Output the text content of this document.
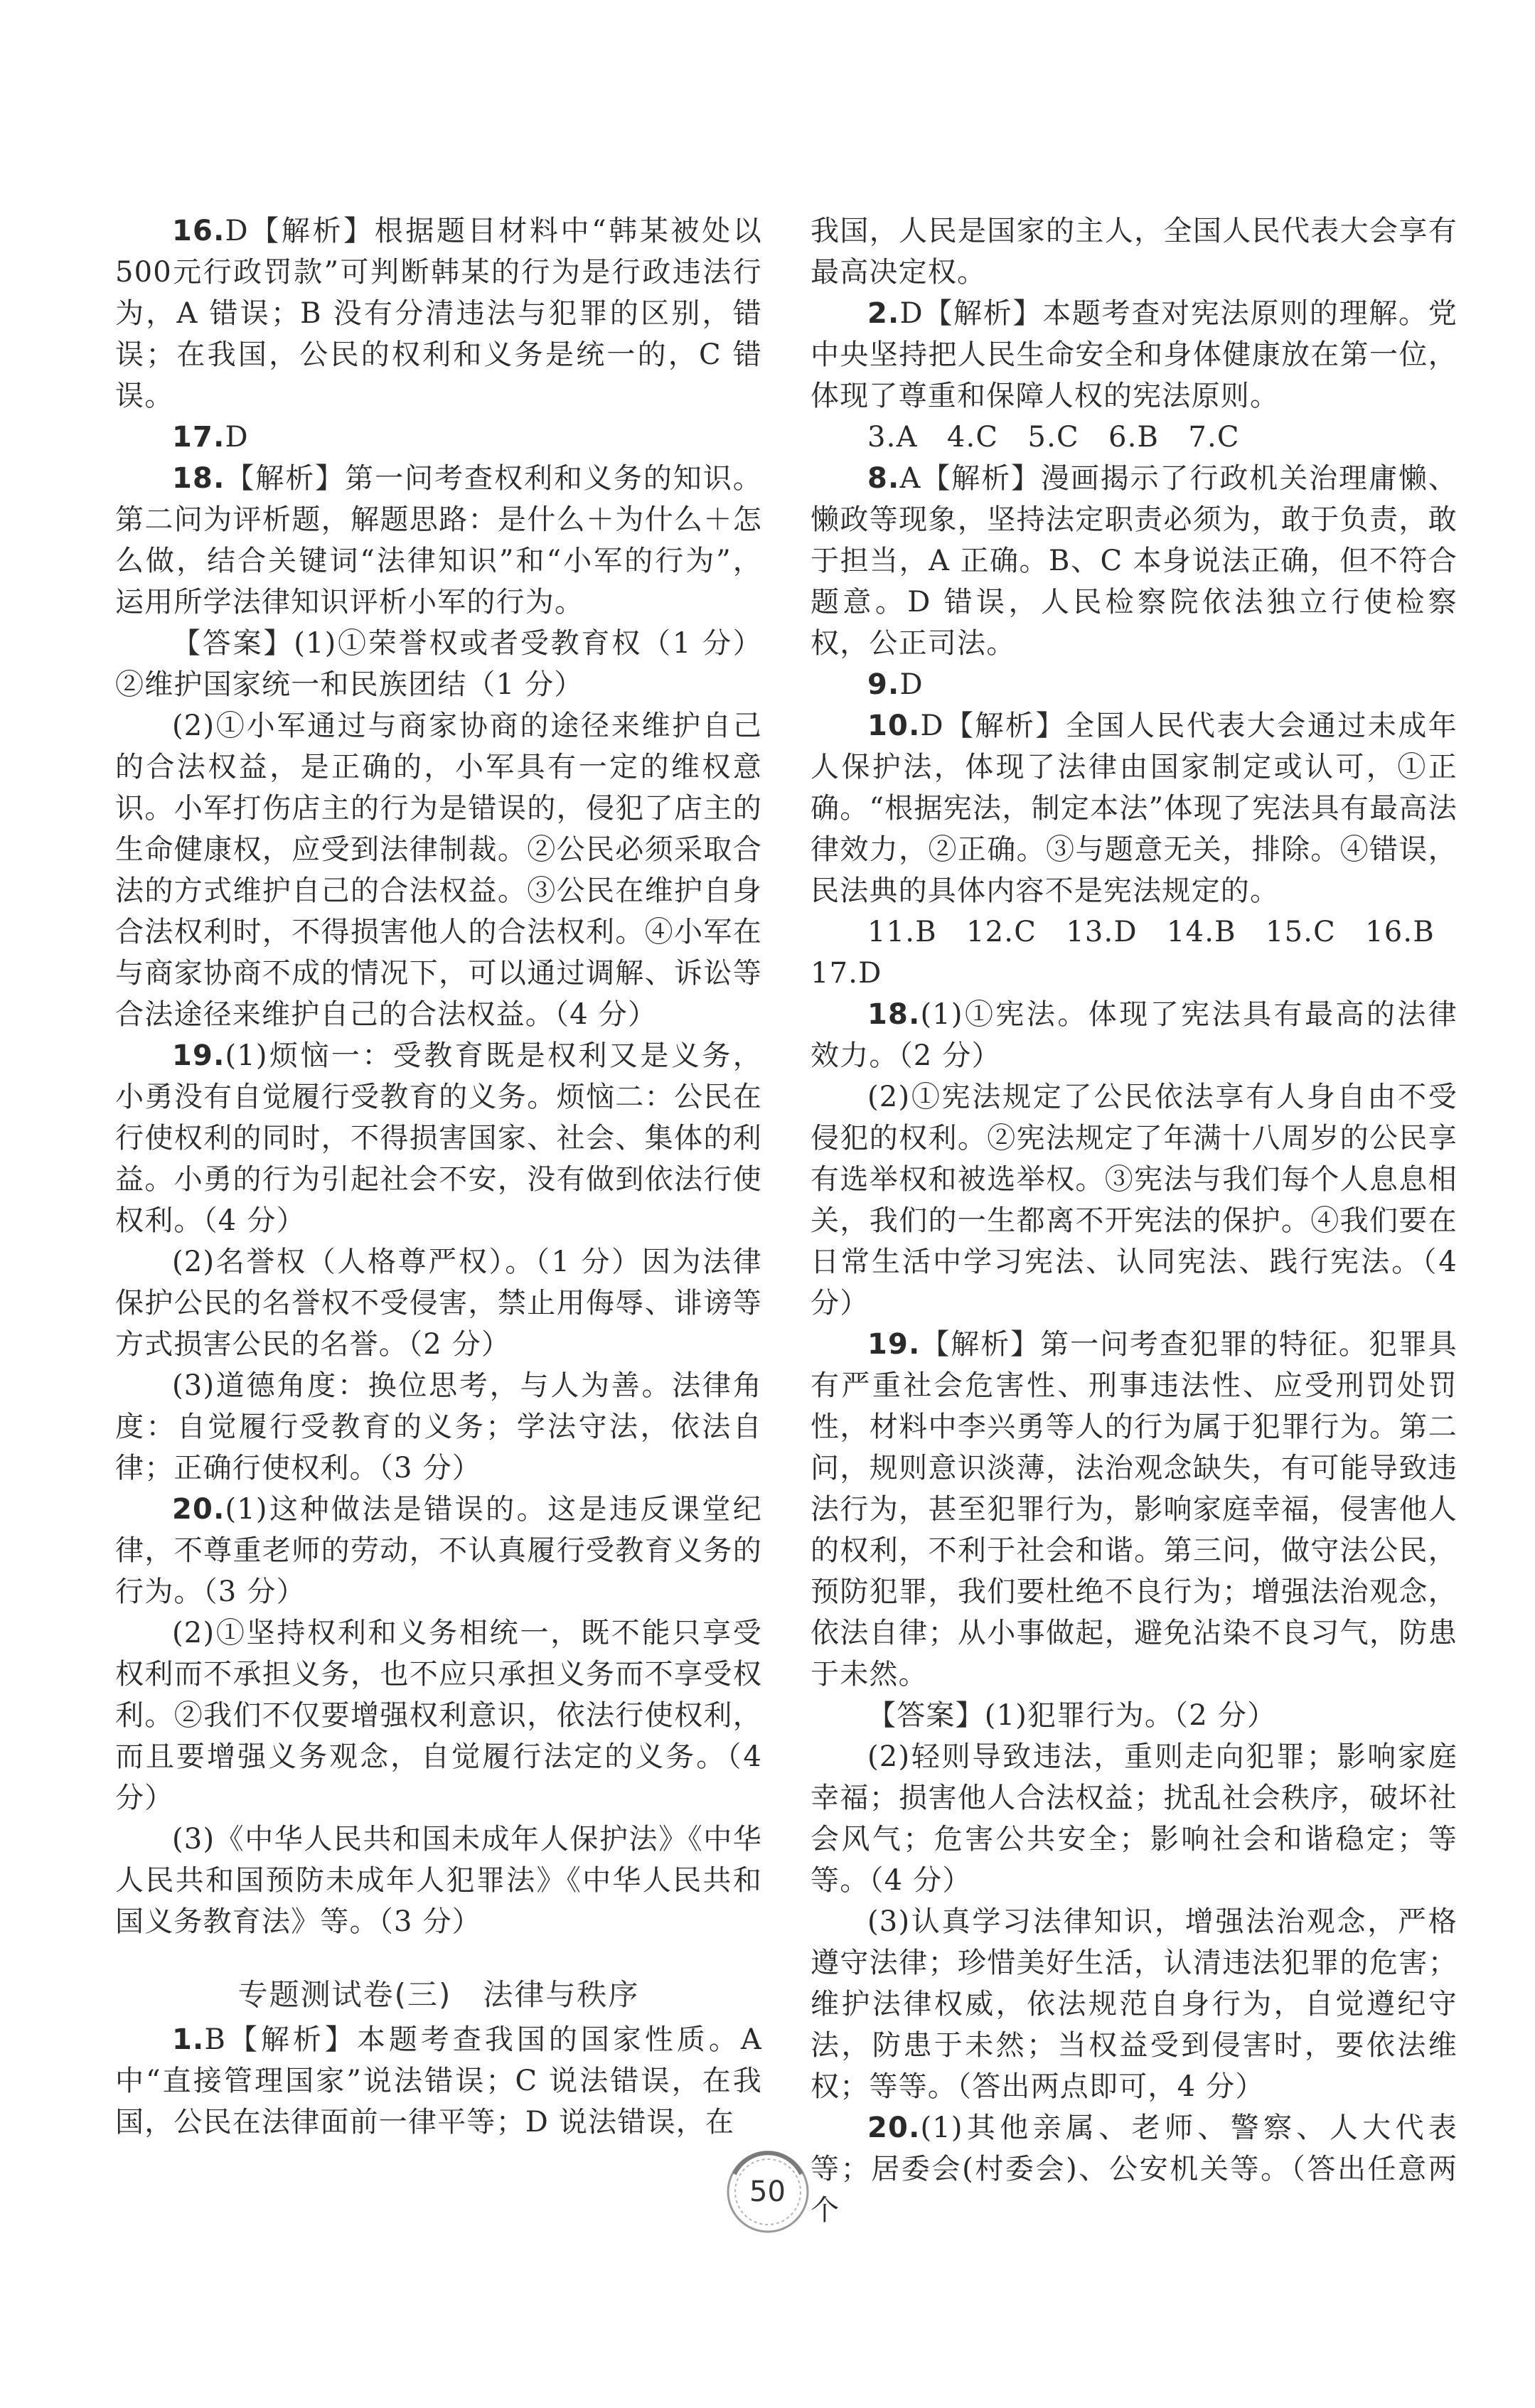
16.D【解析】根据题目材料中“韩某被处以500元行政罚款”可判断韩某的行为是行政违法行为，A 错误；B 没有分清违法与犯罪的区别，错误；在我国，公民的权利和义务是统一的，C 错误。

17.D

18.【解析】第一问考查权利和义务的知识。第二问为评析题，解题思路：是什么＋为什么＋怎么做，结合关键词“法律知识”和“小军的行为”，运用所学法律知识评析小军的行为。

【答案】(1)①荣誉权或者受教育权（1 分）②维护国家统一和民族团结（1 分）

(2)①小军通过与商家协商的途径来维护自己的合法权益，是正确的，小军具有一定的维权意识。小军打伤店主的行为是错误的，侵犯了店主的生命健康权，应受到法律制裁。②公民必须采取合法的方式维护自己的合法权益。③公民在维护自身合法权利时，不得损害他人的合法权利。④小军在与商家协商不成的情况下，可以通过调解、诉讼等合法途径来维护自己的合法权益。（4 分）

19.(1)烦恼一：受教育既是权利又是义务，小勇没有自觉履行受教育的义务。烦恼二：公民在行使权利的同时，不得损害国家、社会、集体的利益。小勇的行为引起社会不安，没有做到依法行使权利。（4 分）

(2)名誉权（人格尊严权）。（1 分）因为法律保护公民的名誉权不受侵害，禁止用侮辱、诽谤等方式损害公民的名誉。（2 分）

(3)道德角度：换位思考，与人为善。法律角度：自觉履行受教育的义务；学法守法，依法自律；正确行使权利。（3 分）

20.(1)这种做法是错误的。这是违反课堂纪律，不尊重老师的劳动，不认真履行受教育义务的行为。（3 分）

(2)①坚持权利和义务相统一，既不能只享受权利而不承担义务，也不应只承担义务而不享受权利。②我们不仅要增强权利意识，依法行使权利，而且要增强义务观念，自觉履行法定的义务。（4 分）

(3)《中华人民共和国未成年人保护法》《中华人民共和国预防未成年人犯罪法》《中华人民共和国义务教育法》等。（3 分）

专题测试卷(三)　法律与秩序

1.B【解析】本题考查我国的国家性质。A 中“直接管理国家”说法错误；C 说法错误，在我国，公民在法律面前一律平等；D 说法错误，在

我国，人民是国家的主人，全国人民代表大会享有最高决定权。

2.D【解析】本题考查对宪法原则的理解。党中央坚持把人民生命安全和身体健康放在第一位，体现了尊重和保障人权的宪法原则。

3.A　4.C　5.C　6.B　7.C

8.A【解析】漫画揭示了行政机关治理庸懒、懒政等现象，坚持法定职责必须为，敢于负责，敢于担当，A 正确。B、C 本身说法正确，但不符合题意。D 错误，人民检察院依法独立行使检察权，公正司法。

9.D

10.D【解析】全国人民代表大会通过未成年人保护法，体现了法律由国家制定或认可，①正确。“根据宪法，制定本法”体现了宪法具有最高法律效力，②正确。③与题意无关，排除。④错误，民法典的具体内容不是宪法规定的。

11.B　12.C　13.D　14.B　15.C　16.B

17.D

18.(1)①宪法。体现了宪法具有最高的法律效力。（2 分）

(2)①宪法规定了公民依法享有人身自由不受侵犯的权利。②宪法规定了年满十八周岁的公民享有选举权和被选举权。③宪法与我们每个人息息相关，我们的一生都离不开宪法的保护。④我们要在日常生活中学习宪法、认同宪法、践行宪法。（4 分）

19.【解析】第一问考查犯罪的特征。犯罪具有严重社会危害性、刑事违法性、应受刑罚处罚性，材料中李兴勇等人的行为属于犯罪行为。第二问，规则意识淡薄，法治观念缺失，有可能导致违法行为，甚至犯罪行为，影响家庭幸福，侵害他人的权利，不利于社会和谐。第三问，做守法公民，预防犯罪，我们要杜绝不良行为；增强法治观念，依法自律；从小事做起，避免沾染不良习气，防患于未然。

【答案】(1)犯罪行为。（2 分）

(2)轻则导致违法，重则走向犯罪；影响家庭幸福；损害他人合法权益；扰乱社会秩序，破坏社会风气；危害公共安全；影响社会和谐稳定；等等。（4 分）

(3)认真学习法律知识，增强法治观念，严格遵守法律；珍惜美好生活，认清违法犯罪的危害；维护法律权威，依法规范自身行为，自觉遵纪守法，防患于未然；当权益受到侵害时，要依法维权；等等。（答出两点即可，4 分）

20.(1)其他亲属、老师、警察、人大代表等；居委会(村委会)、公安机关等。（答出任意两个

50
